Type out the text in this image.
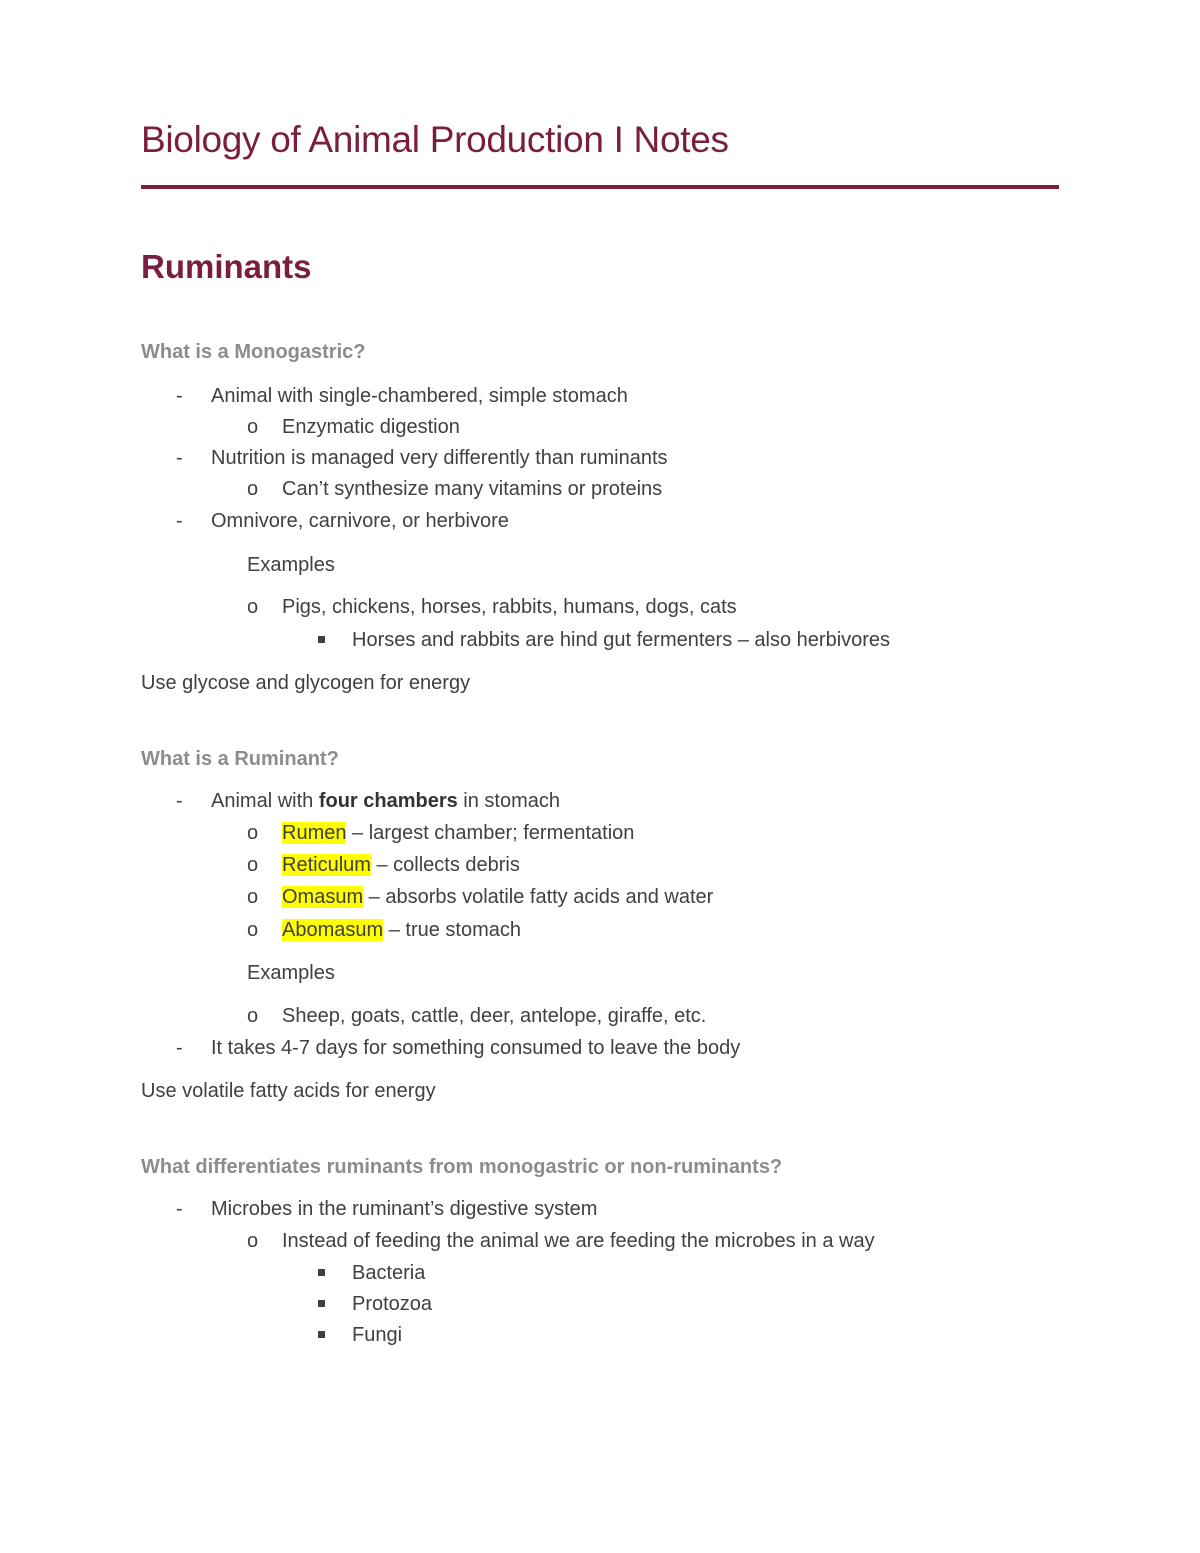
Biology of Animal Production I Notes
Ruminants
What is a Monogastric?
- Animal with single-chambered, simple stomach
o Enzymatic digestion
- Nutrition is managed very differently than ruminants
o Can’t synthesize many vitamins or proteins
- Omnivore, carnivore, or herbivore
Examples
o Pigs, chickens, horses, rabbits, humans, dogs, cats
Horses and rabbits are hind gut fermenters – also herbivores
Use glycose and glycogen for energy
What is a Ruminant?
- Animal with four chambers in stomach
o Rumen – largest chamber; fermentation
o Reticulum – collects debris
o Omasum – absorbs volatile fatty acids and water
o Abomasum – true stomach
Examples
o Sheep, goats, cattle, deer, antelope, giraffe, etc.
- It takes 4-7 days for something consumed to leave the body
Use volatile fatty acids for energy
What differentiates ruminants from monogastric or non-ruminants?
- Microbes in the ruminant’s digestive system
o Instead of feeding the animal we are feeding the microbes in a way
Bacteria
Protozoa
Fungi
